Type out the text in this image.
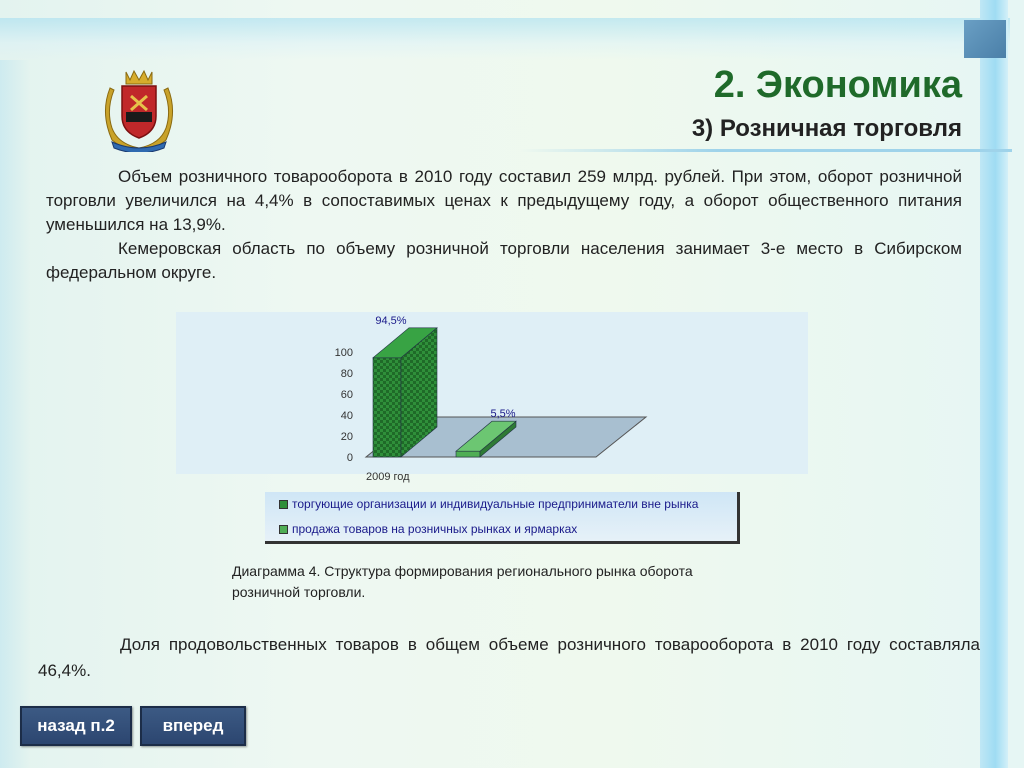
2. Экономика
3) Розничная торговля

Объем розничного товарооборота в 2010 году составил 259 млрд. рублей. При этом, оборот розничной торговли увеличился на 4,4% в сопоставимых ценах к предыдущему году, а оборот общественного питания уменьшился на 13,9%.

Кемеровская область по объему розничной торговли населения занимает 3-е место в Сибирском федеральном округе.

0
20
40
60
80
100
94,5%
5,5%
2009 год
торгующие организации и индивидуальные предприниматели вне рынка
продажа товаров на розничных рынках и ярмарках
Диаграмма 4. Структура формирования регионального рынка оборота розничной торговли.

Доля продовольственных товаров в общем объеме розничного товарооборота в 2010 году составляла 46,4%.

назад п.2	вперед
